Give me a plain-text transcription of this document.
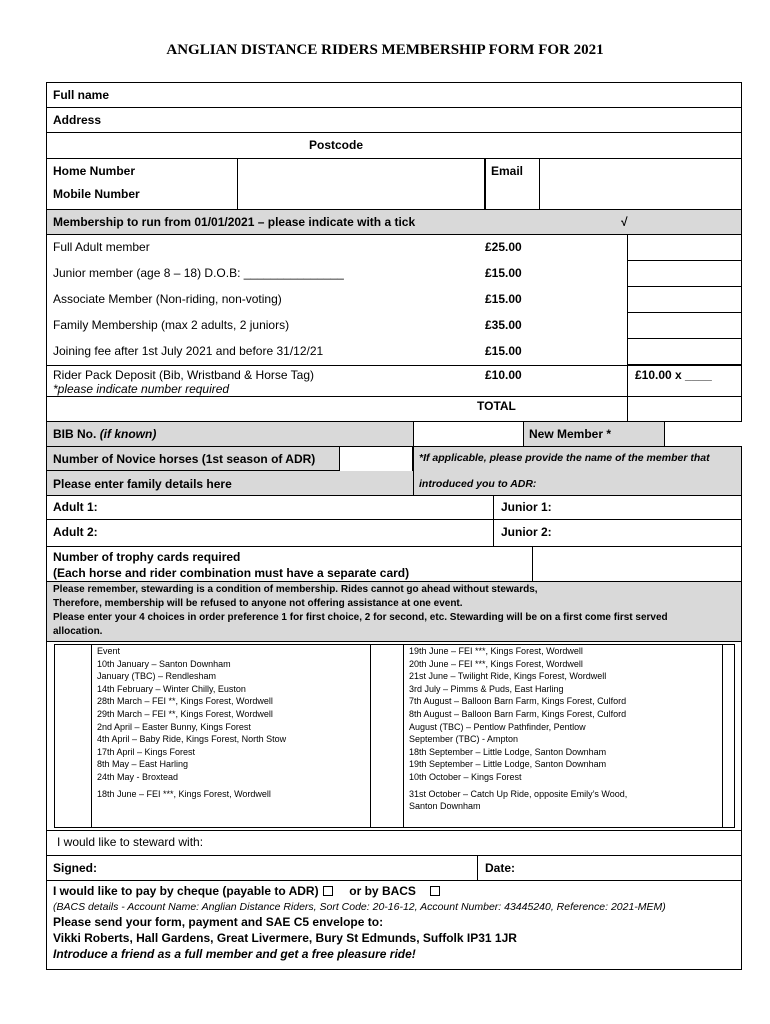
ANGLIAN DISTANCE RIDERS MEMBERSHIP FORM FOR 2021
Full name
Address
Postcode
Home Number
Mobile Number
Email
Membership to run from 01/01/2021 – please indicate with a tick	√
Full Adult member	£25.00
Junior member (age 8 – 18) D.O.B: _______________	£15.00
Associate Member (Non-riding, non-voting)	£15.00
Family Membership (max 2 adults, 2 juniors)	£35.00
Joining fee after 1st July 2021 and before 31/12/21	£15.00
Rider Pack Deposit (Bib, Wristband & Horse Tag)
*please indicate number required
£10.00	£10.00 x ____
TOTAL
BIB No. (if known)	New Member *
Number of Novice horses (1st season of ADR)	*If applicable, please provide the name of the member that
introduced you to ADR:
Please enter family details here
Adult 1:	Junior 1:
Adult 2:	Junior 2:
Number of trophy cards required
(Each horse and rider combination must have a separate card)
Please remember, stewarding is a condition of membership. Rides cannot go ahead without stewards,
Therefore, membership will be refused to anyone not offering assistance at one event.
Please enter your 4 choices in order preference 1 for first choice, 2 for second, etc. Stewarding will be on a first come first served
allocation.
Event
10th January – Santon Downham
January (TBC) – Rendlesham
14th February – Winter Chilly, Euston
28th March – FEI **, Kings Forest, Wordwell
29th March – FEI **, Kings Forest, Wordwell
2nd April – Easter Bunny, Kings Forest
4th April – Baby Ride, Kings Forest, North Stow
17th April – Kings Forest
8th May – East Harling
24th May - Broxtead
18th June – FEI ***, Kings Forest, Wordwell
19th June – FEI ***, Kings Forest, Wordwell
20th June – FEI ***, Kings Forest, Wordwell
21st June – Twilight Ride, Kings Forest, Wordwell
3rd July – Pimms & Puds, East Harling
7th August – Balloon Barn Farm, Kings Forest, Culford
8th August – Balloon Barn Farm, Kings Forest, Culford
August (TBC) – Pentlow Pathfinder, Pentlow
September (TBC) - Ampton
18th September – Little Lodge, Santon Downham
19th September – Little Lodge, Santon Downham
10th October – Kings Forest
31st October – Catch Up Ride, opposite Emily’s Wood,
Santon Downham
I would like to steward with:
Signed:	Date:
I would like to pay by cheque (payable to ADR)	or by BACS
(BACS details - Account Name: Anglian Distance Riders, Sort Code: 20-16-12, Account Number: 43445240, Reference: 2021-MEM)
Please send your form, payment and SAE C5 envelope to:
Vikki Roberts, Hall Gardens, Great Livermere, Bury St Edmunds, Suffolk IP31 1JR
Introduce a friend as a full member and get a free pleasure ride!
